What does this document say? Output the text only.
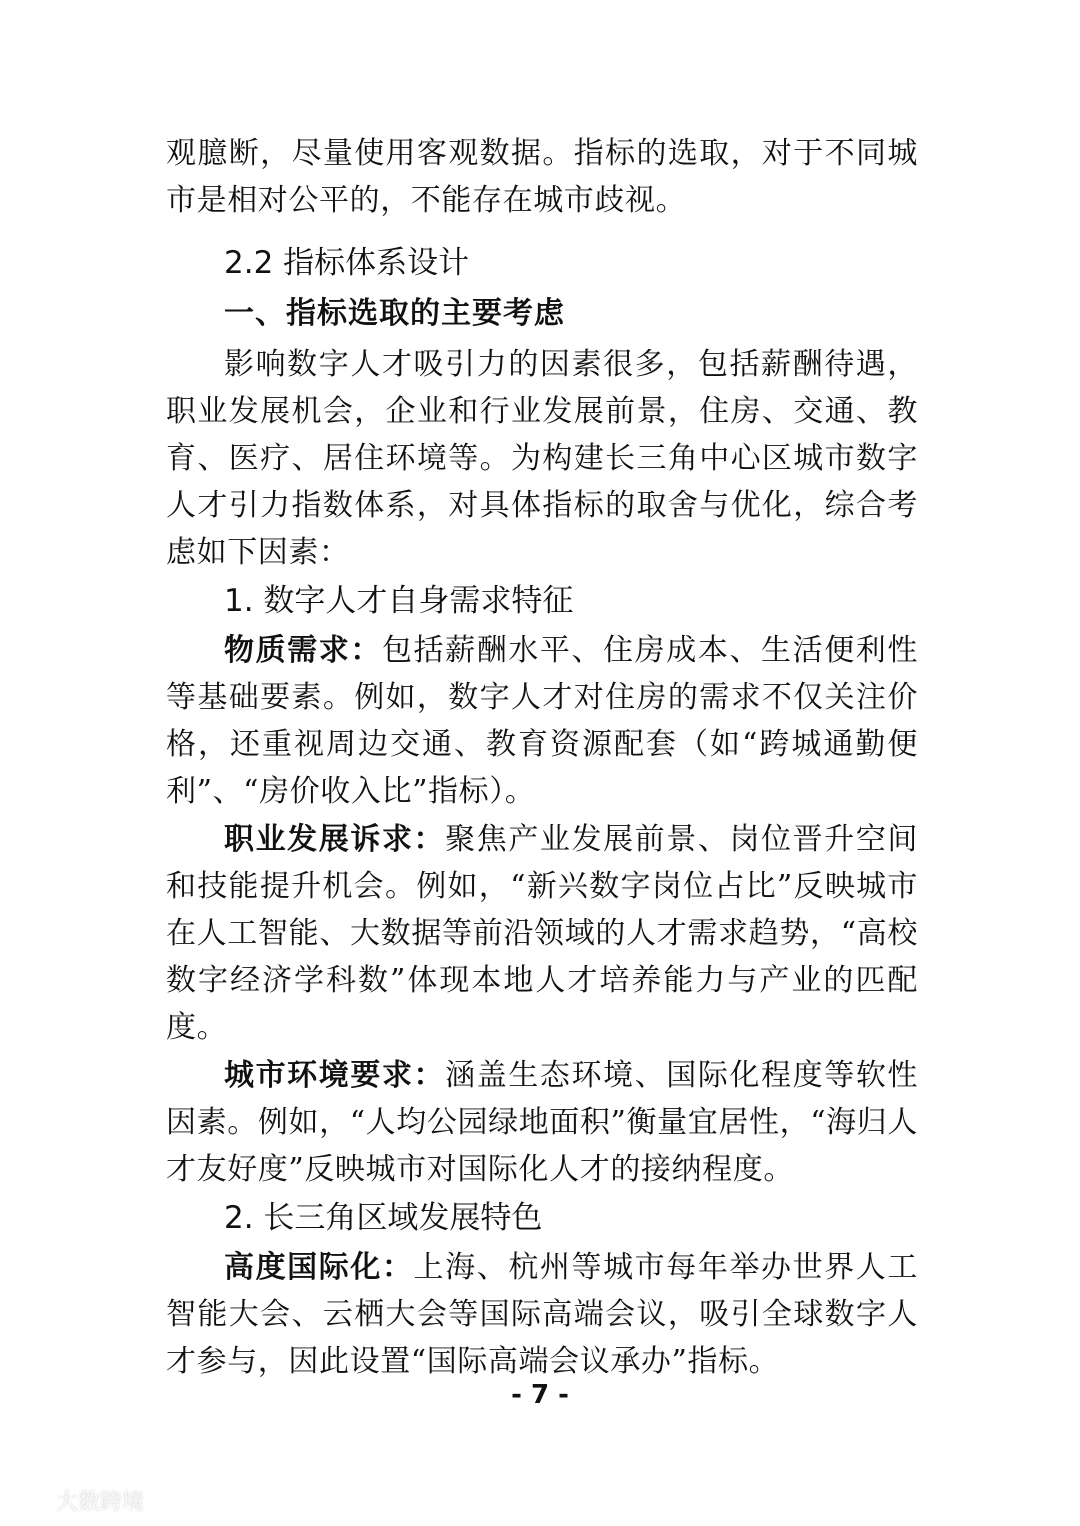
观臆断，尽量使用客观数据。指标的选取，对于不同城市是相对公平的，不能存在城市歧视。

2.2 指标体系设计
一、指标选取的主要考虑

影响数字人才吸引力的因素很多，包括薪酬待遇，职业发展机会，企业和行业发展前景，住房、交通、教育、医疗、居住环境等。为构建长三角中心区城市数字人才引力指数体系，对具体指标的取舍与优化，综合考虑如下因素：

1. 数字人才自身需求特征

物质需求：包括薪酬水平、住房成本、生活便利性等基础要素。例如，数字人才对住房的需求不仅关注价格，还重视周边交通、教育资源配套（如“跨城通勤便利”、“房价收入比”指标）。

职业发展诉求：聚焦产业发展前景、岗位晋升空间和技能提升机会。例如，“新兴数字岗位占比”反映城市在人工智能、大数据等前沿领域的人才需求趋势，“高校数字经济学科数”体现本地人才培养能力与产业的匹配度。

城市环境要求：涵盖生态环境、国际化程度等软性因素。例如，“人均公园绿地面积”衡量宜居性，“海归人才友好度”反映城市对国际化人才的接纳程度。

2. 长三角区域发展特色

高度国际化：上海、杭州等城市每年举办世界人工智能大会、云栖大会等国际高端会议，吸引全球数字人才参与，因此设置“国际高端会议承办”指标。

- 7 -
大数跨境
